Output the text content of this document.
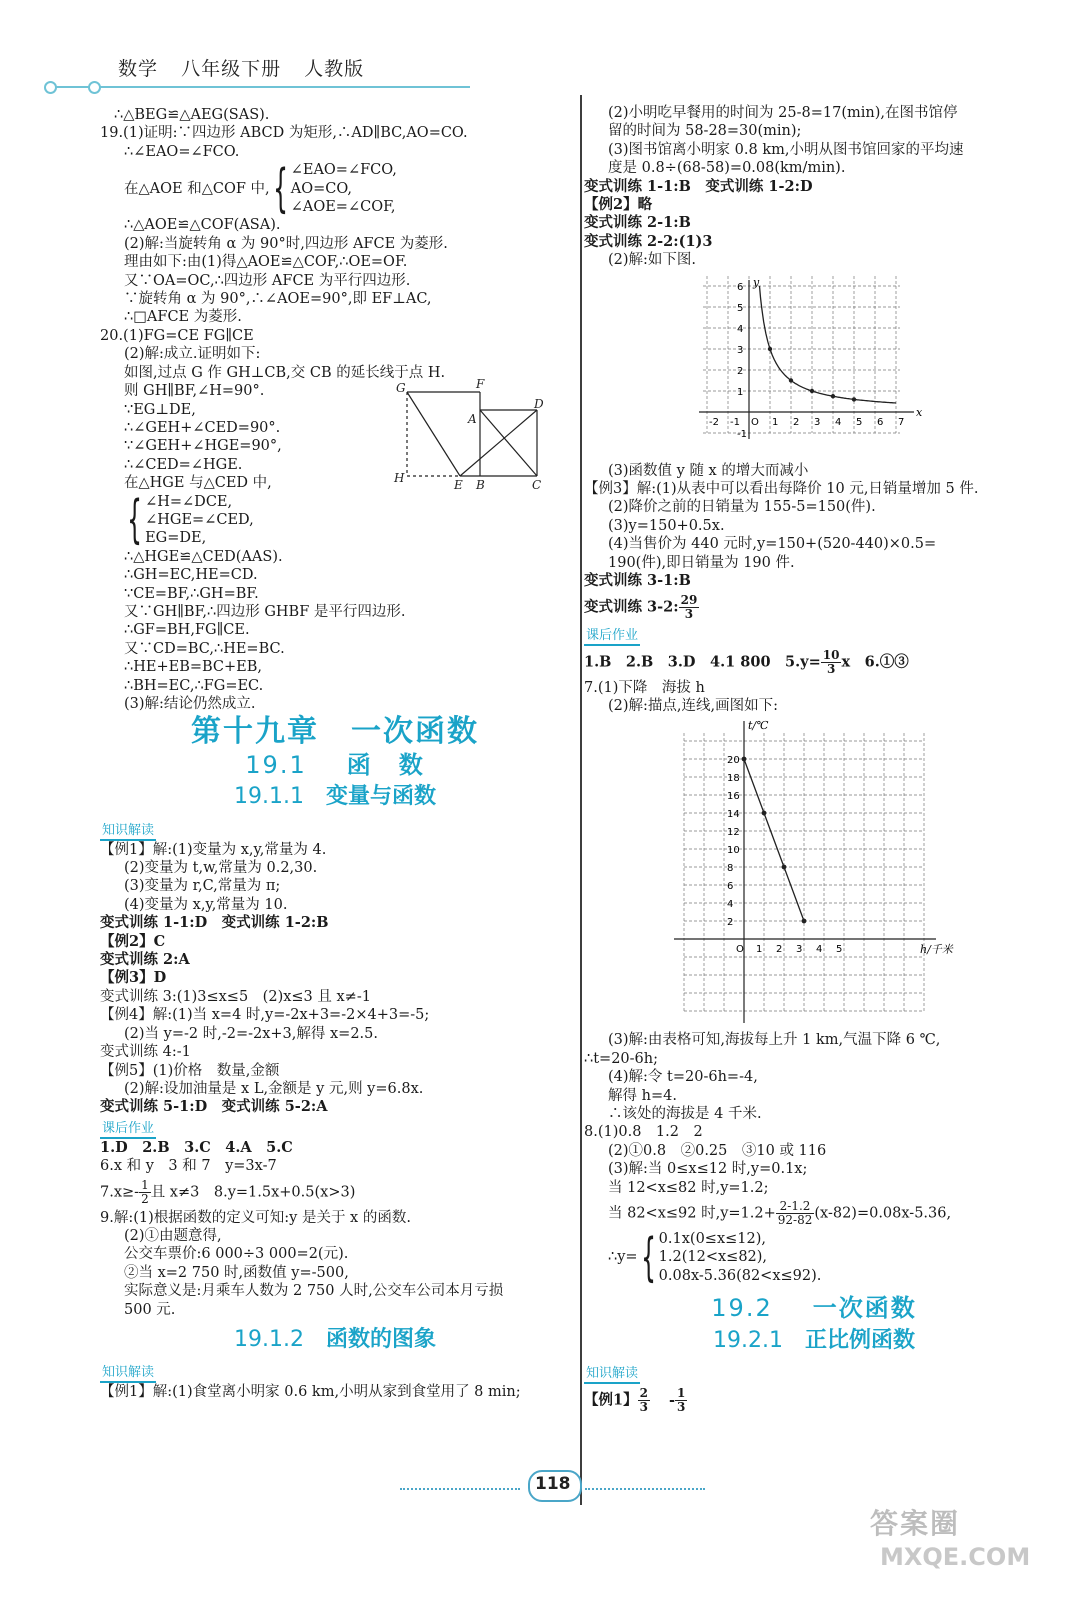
数学 八年级下册 人教版
∴△BEG≌△AEG(SAS).
19.(1)证明:∵四边形 ABCD 为矩形,∴AD∥BC,AO=CO.
∴∠EAO=∠FCO.
在△AOE 和△COF 中, { ∠EAO=∠FCO,
AO=CO,
∠AOE=∠COF,
∴△AOE≌△COF(ASA).
(2)解:当旋转角 α 为 90°时,四边形 AFCE 为菱形.
理由如下:由(1)得△AOE≌△COF,∴OE=OF.
又∵OA=OC,∴四边形 AFCE 为平行四边形.
∵旋转角 α 为 90°,∴∠AOE=90°,即 EF⊥AC,
∴□AFCE 为菱形.
20.(1)FG=CE FG∥CE
(2)解:成立.证明如下:
如图,过点 G 作 GH⊥CB,交 CB 的延长线于点 H.
则 GH∥BF,∠H=90°.
∵EG⊥DE,
∴∠GEH+∠CED=90°.
∵∠GEH+∠HGE=90°,
∴∠CED=∠HGE.
在△HGE 与△CED 中,
{ ∠H=∠DCE,
∠HGE=∠CED,
EG=DE,
∴△HGE≌△CED(AAS).
∴GH=EC,HE=CD.
∵CE=BF,∴GH=BF.
又∵GH∥BF,∴四边形 GHBF 是平行四边形.
∴GF=BH,FG∥CE.
又∵CD=BC,∴HE=BC.
∴HE+EB=BC+EB,
∴BH=EC,∴FG=EC.
(3)解:结论仍然成立.
第十九章　一次函数
19.1 函　数
19.1.1 变量与函数
知识解读
【例1】解:(1)变量为 x,y,常量为 4.
(2)变量为 t,w,常量为 0.2,30.
(3)变量为 r,C,常量为 π;
(4)变量为 x,y,常量为 10.
变式训练 1-1:D　变式训练 1-2:B
【例2】C
变式训练 2:A
【例3】D
变式训练 3:(1)3≤x≤5　(2)x≤3 且 x≠-1
【例4】解:(1)当 x=4 时,y=-2x+3=-2×4+3=-5;
(2)当 y=-2 时,-2=-2x+3,解得 x=2.5.
变式训练 4:-1
【例5】(1)价格　数量,金额
(2)解:设加油量是 x L,金额是 y 元,则 y=6.8x.
变式训练 5-1:D　变式训练 5-2:A
课后作业
1.D　2.B　3.C　4.A　5.C
6.x 和 y　3 和 7　y=3x-7
$7.x\ge- \frac{1}{2}$ 且 x≠3　8.y=1.5x+0.5(x>3)
9.解:(1)根据函数的定义可知:y 是关于 x 的函数.
(2)①由题意得,
公交车票价:6 000÷3 000=2(元).
②当 x=2 750 时,函数值 y=-500,
实际意义是:月乘车人数为 2 750 人时,公交车公司本月亏损
500 元.
19.1.2 函数的图象
知识解读
【例1】解:(1)食堂离小明家 0.6 km,小明从家到食堂用了 8 min;
G	F
A
D
H	E B	C
(2)小明吃早餐用的时间为 25-8=17(min),在图书馆停
留的时间为 58-28=30(min);
(3)图书馆离小明家 0.8 km,小明从图书馆回家的平均速
度是 0.8÷(68-58)=0.08(km/min).
变式训练 1-1:B　变式训练 1-2:D
【例2】略
变式训练 2-1:B
变式训练 2-2:(1)3
(2)解:如下图.
x
y
-2 -1 O 1 2 3 4 5 6 7
6
5
4
3
2
1
-1
(3)函数值 y 随 x 的增大而减小
【例3】解:(1)从表中可以看出每降价 10 元,日销量增加 5 件.
(2)降价之前的日销量为 155-5=150(件).
(3)y=150+0.5x.
(4)当售价为 440 元时,y=150+(520-440)×0.5=
190(件),即日销量为 190 件.
变式训练 3-1:B
变式训练 3-2: $\frac{29}{3}$
课后作业
1.B　2.B　3.D　4.1 800　$5.y= \frac{10}{3}$ x　6.①③
7.(1)下降　海拔 h
(2)解:描点,连线,画图如下:
t/℃
h/千米
20
18
16
14
12
10
8
6
4
2
O 1 2 3 4 5
(3)解:由表格可知,海拔每上升 1 km,气温下降 6 ℃,
∴t=20-6h;
(4)解:令 t=20-6h=-4,
解得 h=4.
∴该处的海拔是 4 千米.
8.(1)0.8　1.2　2
(2)①0.8　②0.25　③10 或 116
(3)解:当 0≤x≤12 时,y=0.1x;
当 12<x≤82 时,y=1.2;
当 82<x≤92 时$,y=1.2+ \frac{2-1.2}{92-82} (x-82)=0.08x-5.36$,
∴y= { 0.1x(0≤x≤12),
1.2(12<x≤82),
0.08x-5.36(82<x≤92).
19.2 一次函数
19.2.1 正比例函数
知识解读
【例1】 $\frac{2}{3} - \frac{1}{3}$
118
答案圈
MXQE.COM
